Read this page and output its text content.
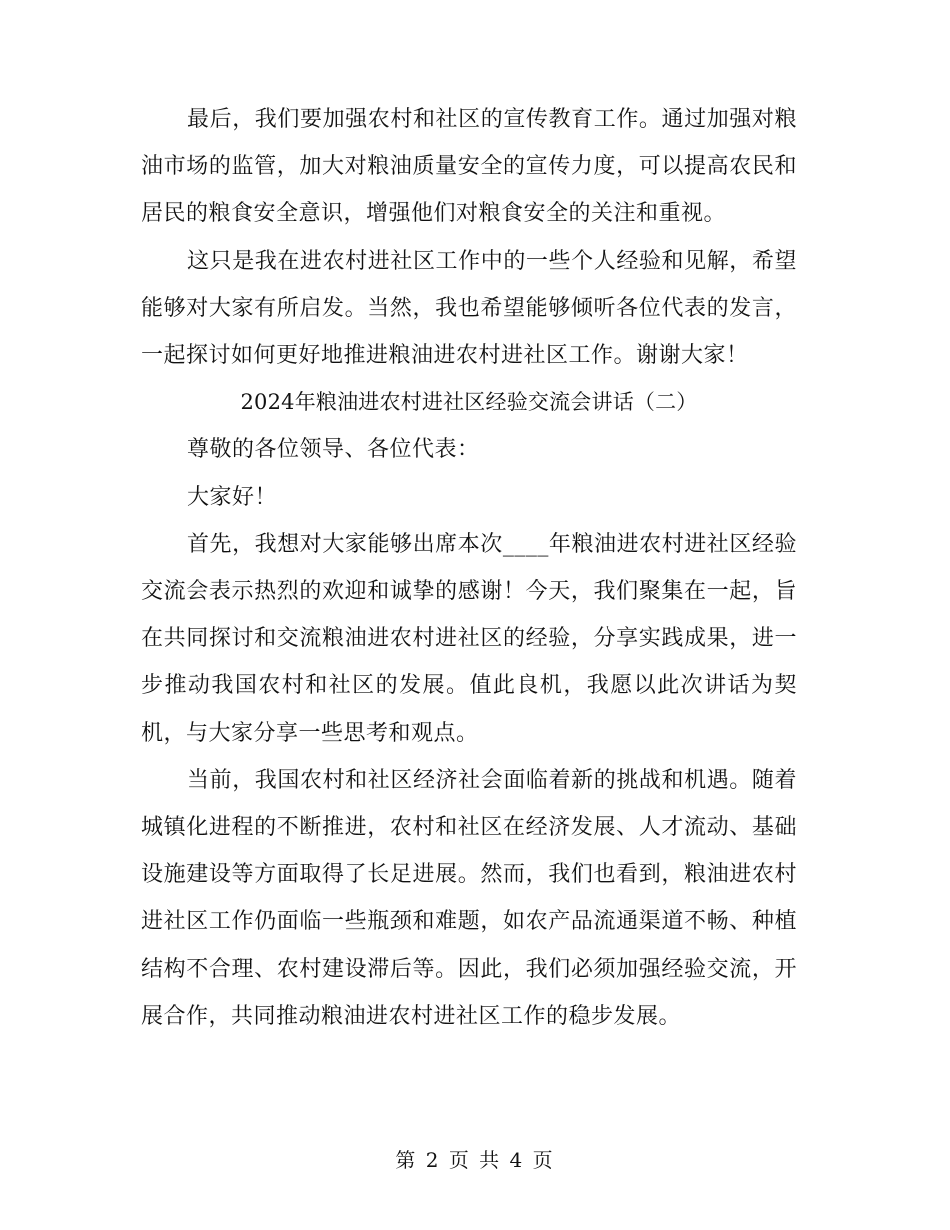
最后，我们要加强农村和社区的宣传教育工作。通过加强对粮油市场的监管，加大对粮油质量安全的宣传力度，可以提高农民和居民的粮食安全意识，增强他们对粮食安全的关注和重视。

这只是我在进农村进社区工作中的一些个人经验和见解，希望能够对大家有所启发。当然，我也希望能够倾听各位代表的发言，一起探讨如何更好地推进粮油进农村进社区工作。谢谢大家！

2024年粮油进农村进社区经验交流会讲话（二）

尊敬的各位领导、各位代表：

大家好！

首先，我想对大家能够出席本次____年粮油进农村进社区经验交流会表示热烈的欢迎和诚挚的感谢！今天，我们聚集在一起，旨在共同探讨和交流粮油进农村进社区的经验，分享实践成果，进一步推动我国农村和社区的发展。值此良机，我愿以此次讲话为契机，与大家分享一些思考和观点。

当前，我国农村和社区经济社会面临着新的挑战和机遇。随着城镇化进程的不断推进，农村和社区在经济发展、人才流动、基础设施建设等方面取得了长足进展。然而，我们也看到，粮油进农村进社区工作仍面临一些瓶颈和难题，如农产品流通渠道不畅、种植结构不合理、农村建设滞后等。因此，我们必须加强经验交流，开展合作，共同推动粮油进农村进社区工作的稳步发展。

第 2 页 共 4 页
